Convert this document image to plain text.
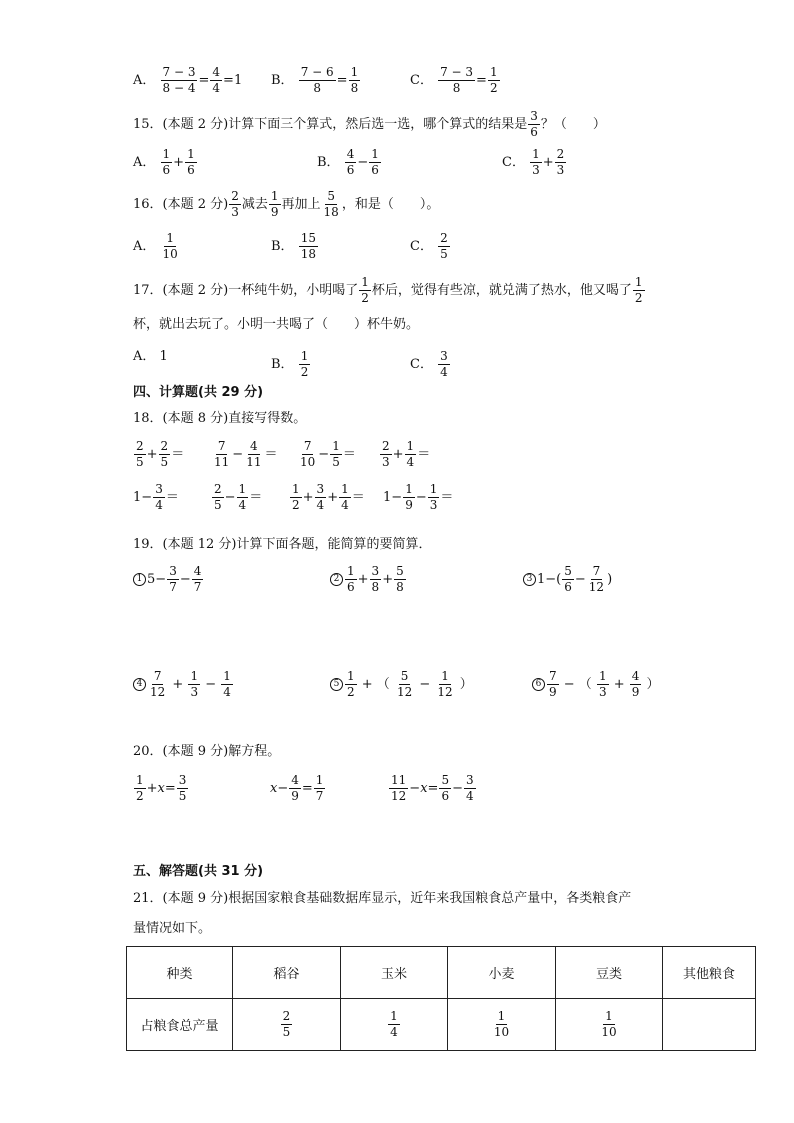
A．
$\frac{7 - 3}{8 - 4} = \frac{4}{4} = 1$ B．
$\frac{7 - 6}{8} = \frac{1}{8}$	C．
$\frac{7 - 3}{8} = \frac{1}{2}$
15．(本题 2 分)计算下面三个算式，然后选一选，哪个算式的结果是 $\frac{3}{6}$ ？（　　）
A．
$\frac{1}{6} + \frac{1}{6}$	B．
$\frac{4}{6} - \frac{1}{6}$	C．
$\frac{1}{3} + \frac{2}{3}$
16．(本题 2 分) $\frac{2}{3}$ 减去 $\frac{1}{9}$ 再加上 $\frac{5}{18}$ ，和是（　　）。
A．
$\frac{1}{10}$	B．
$\frac{15}{18}$	C．
$\frac{2}{5}$
17．(本题 2 分)一杯纯牛奶，小明喝了 $\frac{1}{2}$ 杯后，觉得有些凉，就兑满了热水，他又喝了 $\frac{1}{2}$
杯，就出去玩了。小明一共喝了（　　）杯牛奶。
A．
1
B．
$\frac{1}{2}$	C．
$\frac{3}{4}$
四、计算题(共 29 分)
18．(本题 8 分)直接写得数。
$\frac{2}{5} + \frac{2}{5} = \frac{7}{11} - \frac{4}{11} = \frac{7}{10} - \frac{1}{5} = \frac{2}{3} + \frac{1}{4}$ ＝
$1 - \frac{3}{4}$ ＝	$\frac{2}{5} - \frac{1}{4} = \frac{1}{2} + \frac{3}{4} + \frac{1}{4} = 1 - \frac{1}{9} - \frac{1}{3}$ ＝
19．(本题 12 分)计算下面各题，能简算的要简算．
1 $5 - \frac{3}{7} - \frac{4}{7}$	$2 \frac{1}{6} + \frac{3}{8} + \frac{5}{8}$	3 1 −( $\frac{5}{6} - \frac{7}{12}$ )
$4 \frac{7}{12} + \frac{1}{3} - \frac{1}{4}$	$5 \frac{1}{2}$ + （ $\frac{5}{12} - \frac{1}{12}$ ）	$6 \frac{7}{9}$ − （ $\frac{1}{3} + \frac{4}{9}$ ）
20．(本题 9 分)解方程。
$\frac{1}{2} + x = \frac{3}{5}$	$x - \frac{4}{9} = \frac{1}{7}$	$\frac{11}{12} - x = \frac{5}{6} - \frac{3}{4}$
五、解答题(共 31 分)
21．(本题 9 分)根据国家粮食基础数据库显示，近年来我国粮食总产量中，各类粮食产
量情况如下。
种类	稻谷	玉米	小麦	豆类	其他粮食
占粮食总产量	$\frac{2}{5}$	$\frac{1}{4}$	$\frac{1}{10}$	$\frac{1}{10}$
